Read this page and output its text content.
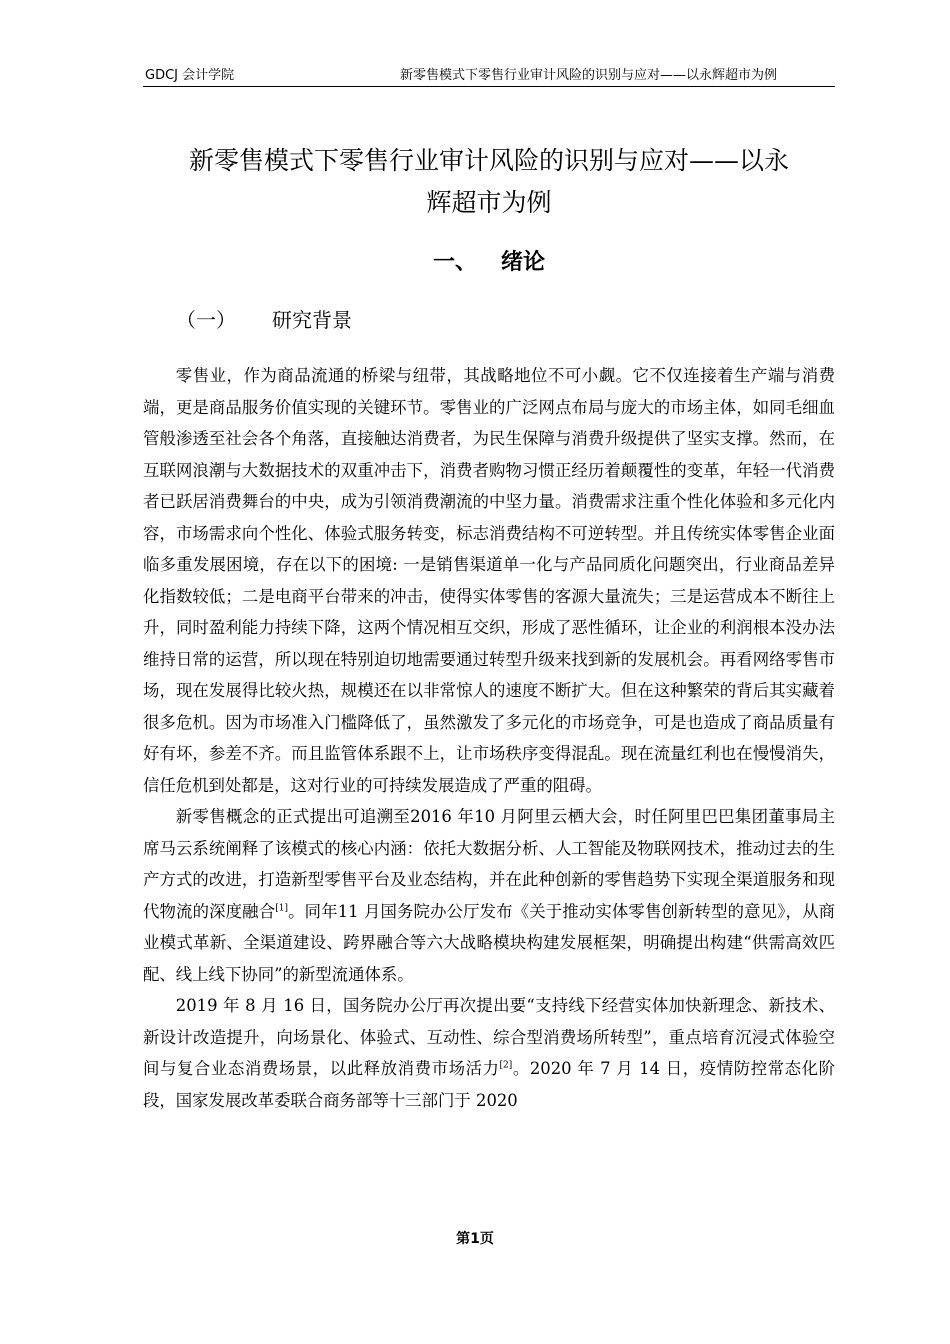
GDCJ 会计学院	新零售模式下零售行业审计风险的识别与应对——以永辉超市为例
新零售模式下零售行业审计风险的识别与应对——以永
辉超市为例
一、 绪论
（一） 研究背景

零售业，作为商品流通的桥梁与纽带，其战略地位不可小觑。它不仅连接着生产端与消费端，更是商品服务价值实现的关键环节。零售业的广泛网点布局与庞大的市场主体，如同毛细血管般渗透至社会各个角落，直接触达消费者，为民生保障与消费升级提供了坚实支撑。然而，在互联网浪潮与大数据技术的双重冲击下，消费者购物习惯正经历着颠覆性的变革，年轻一代消费者已跃居消费舞台的中央，成为引领消费潮流的中坚力量。消费需求注重个性化体验和多元化内容，市场需求向个性化、体验式服务转变，标志消费结构不可逆转型。并且传统实体零售企业面临多重发展困境，存在以下的困境: 一是销售渠道单一化与产品同质化问题突出，行业商品差异化指数较低；二是电商平台带来的冲击，使得实体零售的客源大量流失；三是运营成本不断往上升，同时盈利能力持续下降，这两个情况相互交织，形成了恶性循环，让企业的利润根本没办法维持日常的运营，所以现在特别迫切地需要通过转型升级来找到新的发展机会。再看网络零售市场，现在发展得比较火热，规模还在以非常惊人的速度不断扩大。但在这种繁荣的背后其实藏着很多危机。因为市场准入门槛降低了，虽然激发了多元化的市场竞争，可是也造成了商品质量有好有坏，参差不齐。而且监管体系跟不上，让市场秩序变得混乱。现在流量红利也在慢慢消失，信任危机到处都是，这对行业的可持续发展造成了严重的阻碍。

新零售概念的正式提出可追溯至2016 年10 月阿里云栖大会，时任阿里巴巴集团董事局主席马云系统阐释了该模式的核心内涵：依托大数据分析、人工智能及物联网技术，推动过去的生产方式的改进，打造新型零售平台及业态结构，并在此种创新的零售趋势下实现全渠道服务和现代物流的深度融合[1]。同年11 月国务院办公厅发布《关于推动实体零售创新转型的意见》，从商业模式革新、全渠道建设、跨界融合等六大战略模块构建发展框架，明确提出构建“供需高效匹配、线上线下协同”的新型流通体系。

2019 年 8 月 16 日，国务院办公厅再次提出要“支持线下经营实体加快新理念、新技术、新设计改造提升，向场景化、体验式、互动性、综合型消费场所转型”，重点培育沉浸式体验空间与复合业态消费场景，以此释放消费市场活力[2]。2020 年 7 月 14 日，疫情防控常态化阶段，国家发展改革委联合商务部等十三部门于 2020

第1页
